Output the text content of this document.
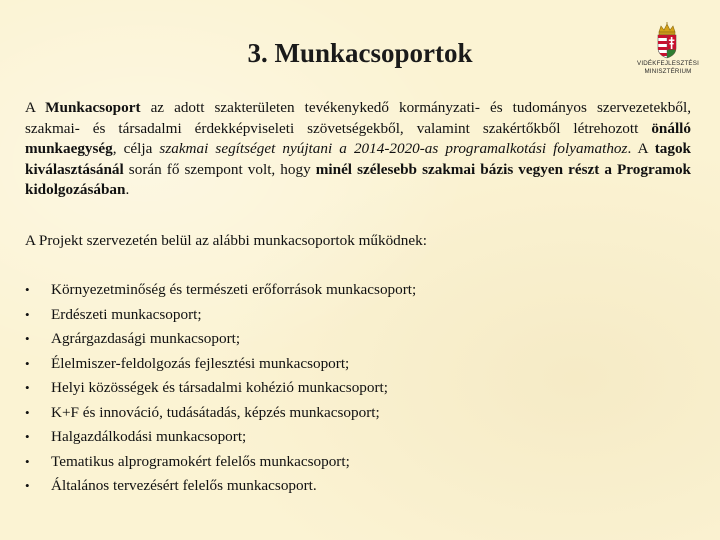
3. Munkacsoportok	VIDÉKFEJLESZTÉSI
MINISZTÉRIUM

A Munkacsoport az adott szakterületen tevékenykedő kormányzati- és tudományos szervezetekből, szakmai- és társadalmi érdekképviseleti szövetségekből, valamint szakértőkből létrehozott önálló munkaegység, célja szakmai segítséget nyújtani a 2014-2020-as programalkotási folyamathoz. A tagok kiválasztásánál során fő szempont volt, hogy minél szélesebb szakmai bázis vegyen részt a Programok kidolgozásában.

A Projekt szervezetén belül az alábbi munkacsoportok működnek:

• Környezetminőség és természeti erőforrások munkacsoport;
• Erdészeti munkacsoport;
• Agrárgazdasági munkacsoport;
• Élelmiszer-feldolgozás fejlesztési munkacsoport;
• Helyi közösségek és társadalmi kohézió munkacsoport;
• K+F és innováció, tudásátadás, képzés munkacsoport;
• Halgazdálkodási munkacsoport;
• Tematikus alprogramokért felelős munkacsoport;
• Általános tervezésért felelős munkacsoport.
